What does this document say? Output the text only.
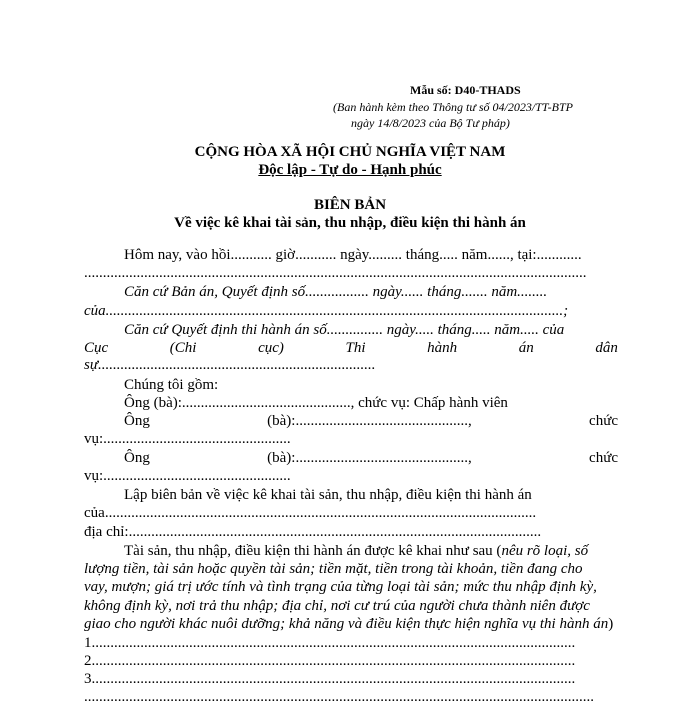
Mẫu số: D40-THADS
(Ban hành kèm theo Thông tư số 04/2023/TT-BTP
ngày 14/8/2023 của Bộ Tư pháp)
CỘNG HÒA XÃ HỘI CHỦ NGHĨA VIỆT NAM
Độc lập - Tự do - Hạnh phúc
BIÊN BẢN
Về việc kê khai tài sản, thu nhập, điều kiện thi hành án
Hôm nay, vào hồi........... giờ........... ngày......... tháng..... năm......, tại:............
......................................................................................................................................
Căn cứ Bản án, Quyết định số................. ngày...... tháng....... năm........
của..........................................................................................................................;
Căn cứ Quyết định thi hành án số............... ngày..... tháng..... năm..... của
Cục	(Chi	cục)	Thi	hành	án	dân
sự..........................................................................
Chúng tôi gồm:
Ông (bà):............................................., chức vụ: Chấp hành viên
Ông	(bà):..............................................,	chức
vụ:..................................................
Ông	(bà):..............................................,	chức
vụ:..................................................
Lập biên bản về việc kê khai tài sản, thu nhập, điều kiện thi hành án
của...................................................................................................................
địa chỉ:..............................................................................................................
Tài sản, thu nhập, điều kiện thi hành án được kê khai như sau (nêu rõ loại, số
lượng tiền, tài sản hoặc quyền tài sản; tiền mặt, tiền trong tài khoản, tiền đang cho
vay, mượn; giá trị ước tính và tình trạng của từng loại tài sản; mức thu nhập định kỳ,
không định kỳ, nơi trả thu nhập; địa chỉ, nơi cư trú của người chưa thành niên được
giao cho người khác nuôi dưỡng; khả năng và điều kiện thực hiện nghĩa vụ thi hành án)
1.................................................................................................................................
2.................................................................................................................................
3.................................................................................................................................
........................................................................................................................................
